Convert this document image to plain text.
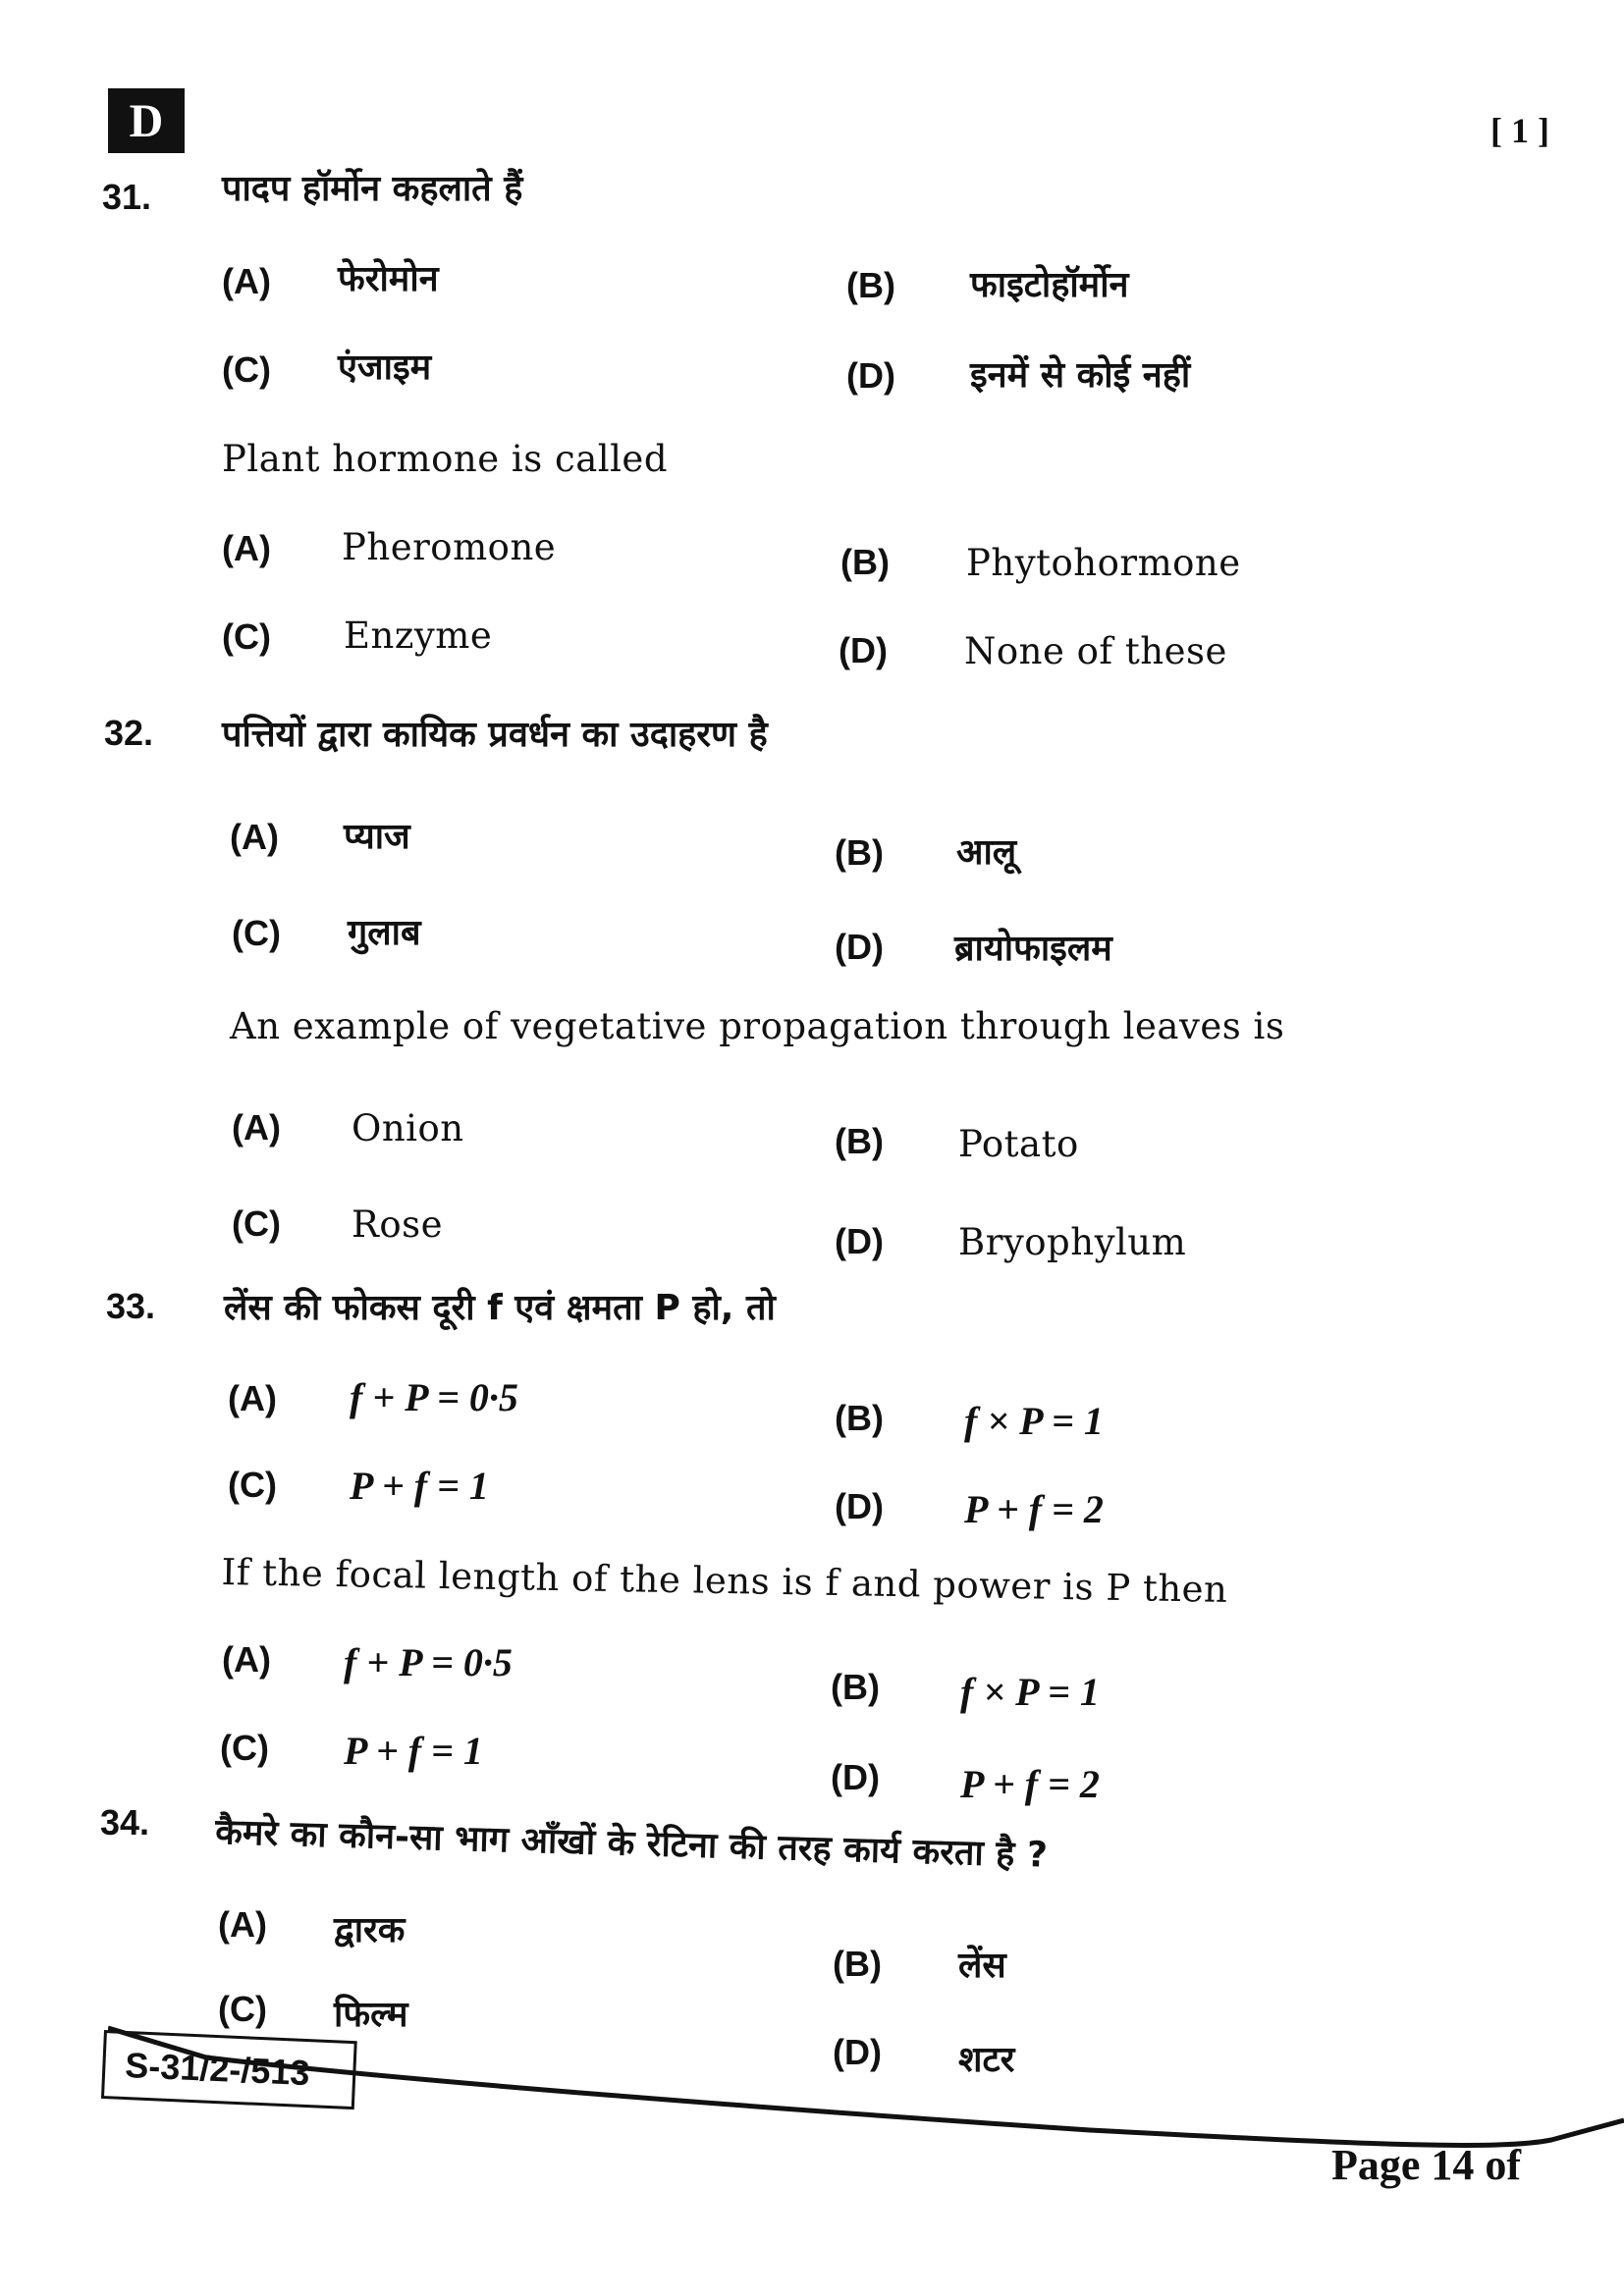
D	[ 1 ]
31. पादप हॉर्मोन कहलाते हैं
(A) फेरोमोन	(B) फाइटोहॉर्मोन
(C) एंजाइम	(D) इनमें से कोई नहीं
Plant hormone is called
(A) Pheromone	(B) Phytohormone
(C) Enzyme	(D) None of these
32. पत्तियों द्वारा कायिक प्रवर्धन का उदाहरण है
(A) प्याज	(B) आलू
(C) गुलाब	(D) ब्रायोफाइलम
An example of vegetative propagation through leaves is
(A) Onion	(B) Potato
(C) Rose	(D) Bryophylum
33. लेंस की फोकस दूरी f एवं क्षमता P हो, तो
(A) f + P = 0·5	(B) f × P = 1
(C) P + f = 1	(D) P + f = 2
If the focal length of the lens is f and power is P then
(A) f + P = 0·5
(B) f × P = 1
(C) P + f = 1
(D) P + f = 2
34. कैमरे का कौन-सा भाग आँखों के रेटिना की तरह कार्य करता है ?
(A) द्वारक
(B) लेंस
(C) फिल्म
(D) शटर
S-31/2-/513
Page 14 of
